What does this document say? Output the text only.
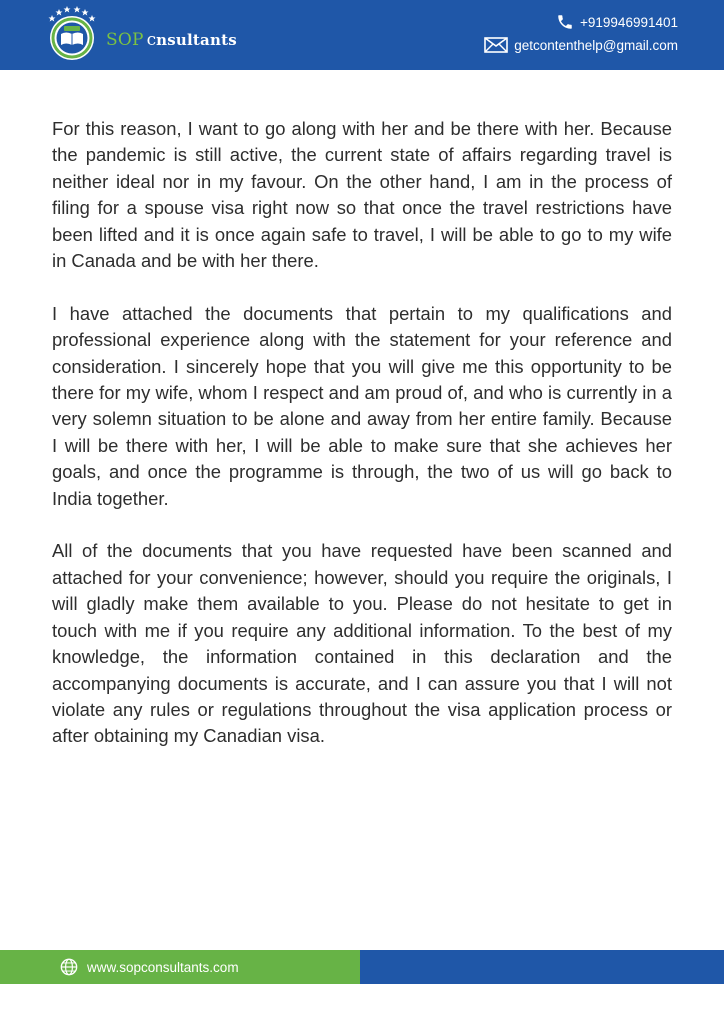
SOP c nsultants
+919946991401
getcontenthelp@gmail.com

For this reason, I want to go along with her and be there with her. Because the pandemic is still active, the current state of affairs regarding travel is neither ideal nor in my favour. On the other hand, I am in the process of filing for a spouse visa right now so that once the travel restrictions have been lifted and it is once again safe to travel, I will be able to go to my wife in Canada and be with her there.

I have attached the documents that pertain to my qualifications and professional experience along with the statement for your reference and consideration. I sincerely hope that you will give me this opportunity to be there for my wife, whom I respect and am proud of, and who is currently in a very solemn situation to be alone and away from her entire family. Because I will be there with her, I will be able to make sure that she achieves her goals, and once the programme is through, the two of us will go back to India together.

All of the documents that you have requested have been scanned and attached for your convenience; however, should you require the originals, I will gladly make them available to you. Please do not hesitate to get in touch with me if you require any additional information. To the best of my knowledge, the information contained in this declaration and the accompanying documents is accurate, and I can assure you that I will not violate any rules or regulations throughout the visa application process or after obtaining my Canadian visa.

www.sopconsultants.com
